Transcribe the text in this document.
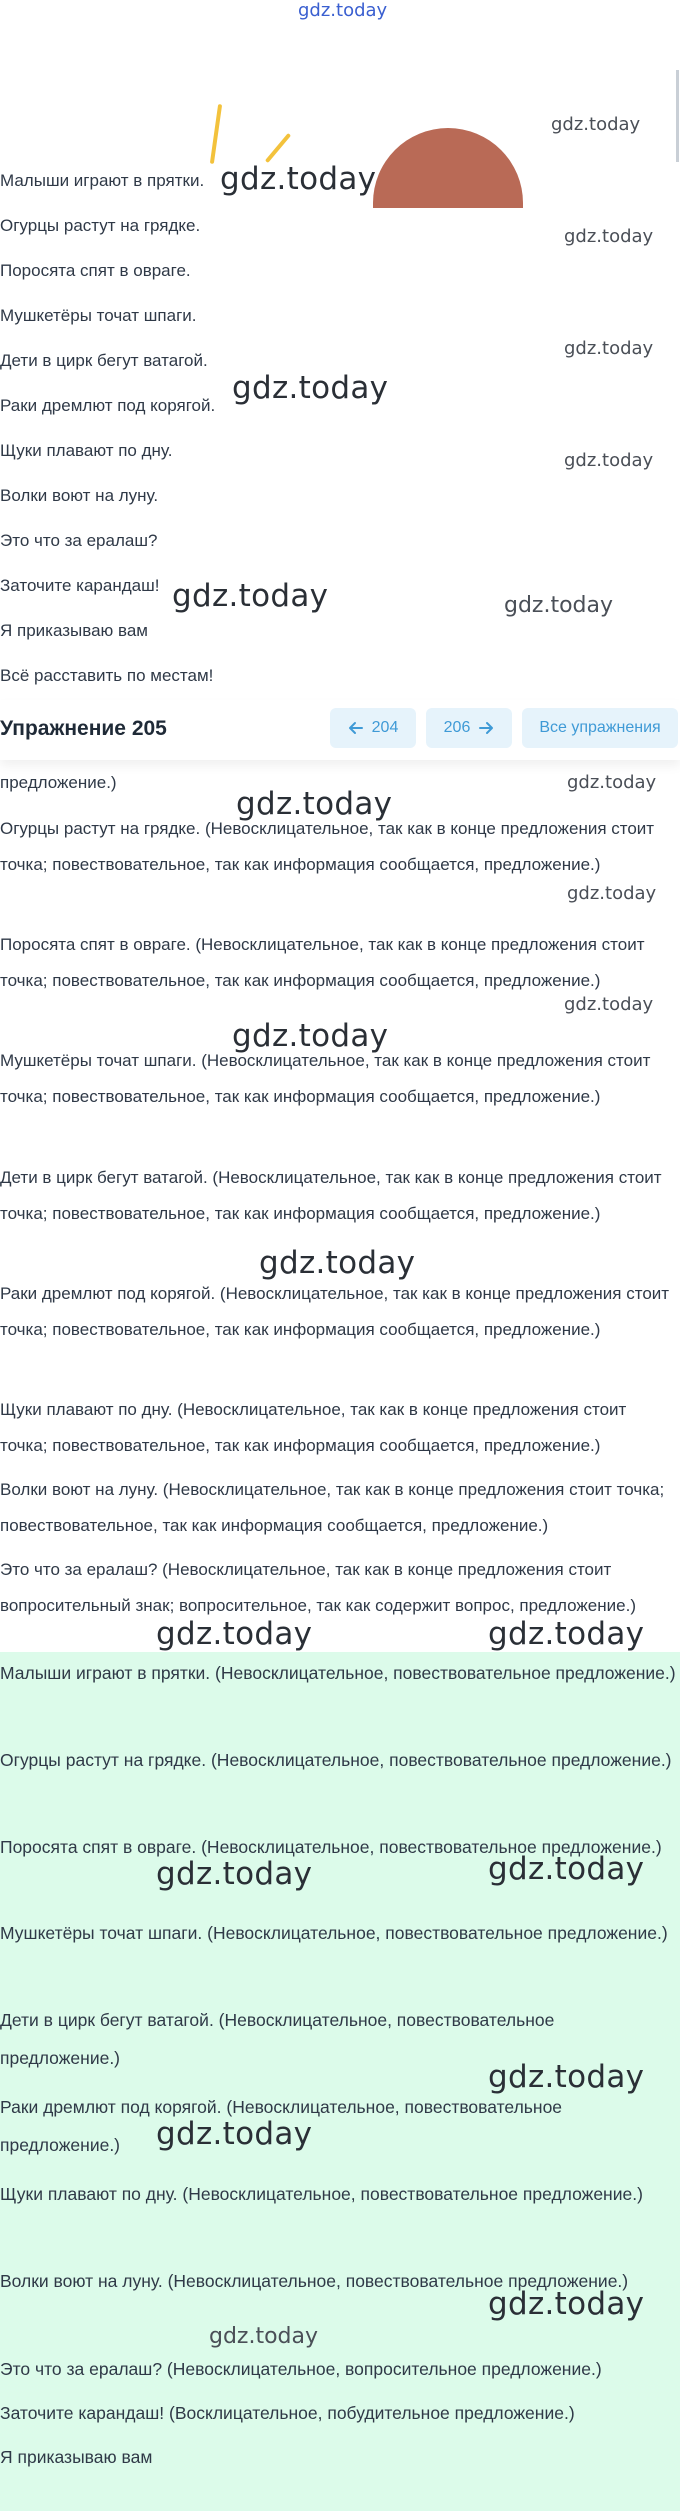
gdz.today
gdz.today
Малыши играют в прятки. gdz.today
Огурцы растут на грядке.
gdz.today
Поросята спят в овраге.
Мушкетёры точат шпаги.
Дети в цирк бегут ватагой.
gdz.today
Раки дремлют под корягой. gdz.today
Щуки плавают по дну.	gdz.today
Волки воют на луну.
Это что за ералаш?
Заточите карандаш! gdz.today	gdz.today
Я приказываю вам
Всё расставить по местам!
предложение.)	gdz.today
gdz.today
Огурцы растут на грядке. (Невосклицательное, так как в конце предложения стоит точка; повествовательное, так как информация сообщается, предложение.)
gdz.today
Поросята спят в овраге. (Невосклицательное, так как в конце предложения стоит точка; повествовательное, так как информация сообщается, предложение.)
gdz.today
gdz.today
Мушкетёры точат шпаги. (Невосклицательное, так как в конце предложения стоит точка; повествовательное, так как информация сообщается, предложение.)
Дети в цирк бегут ватагой. (Невосклицательное, так как в конце предложения стоит точка; повествовательное, так как информация сообщается, предложение.)
gdz.today
Раки дремлют под корягой. (Невосклицательное, так как в конце предложения стоит точка; повествовательное, так как информация сообщается, предложение.)
Щуки плавают по дну. (Невосклицательное, так как в конце предложения стоит точка; повествовательное, так как информация сообщается, предложение.)
Волки воют на луну. (Невосклицательное, так как в конце предложения стоит точка; повествовательное, так как информация сообщается, предложение.)
Это что за ералаш? (Невосклицательное, так как в конце предложения стоит вопросительный знак; вопросительное, так как содержит вопрос, предложение.)
Упражнение 205	204	206	Все упражнения
Малыши играют в прятки. (Невосклицательное, повествовательное предложение.)
Огурцы растут на грядке. (Невосклицательное, повествовательное предложение.)
Поросята спят в овраге. (Невосклицательное, повествовательное предложение.)
Мушкетёры точат шпаги. (Невосклицательное, повествовательное предложение.)
Дети в цирк бегут ватагой. (Невосклицательное, повествовательное предложение.)
Раки дремлют под корягой. (Невосклицательное, повествовательное предложение.)
Щуки плавают по дну. (Невосклицательное, повествовательное предложение.)
Волки воют на луну. (Невосклицательное, повествовательное предложение.)
Это что за ералаш? (Невосклицательное, вопросительное предложение.)
Заточите карандаш! (Восклицательное, побудительное предложение.)
Я приказываю вам
gdz.today	gdz.today
gdz.today	gdz.today
gdz.today
gdz.today
gdz.today
gdz.today
